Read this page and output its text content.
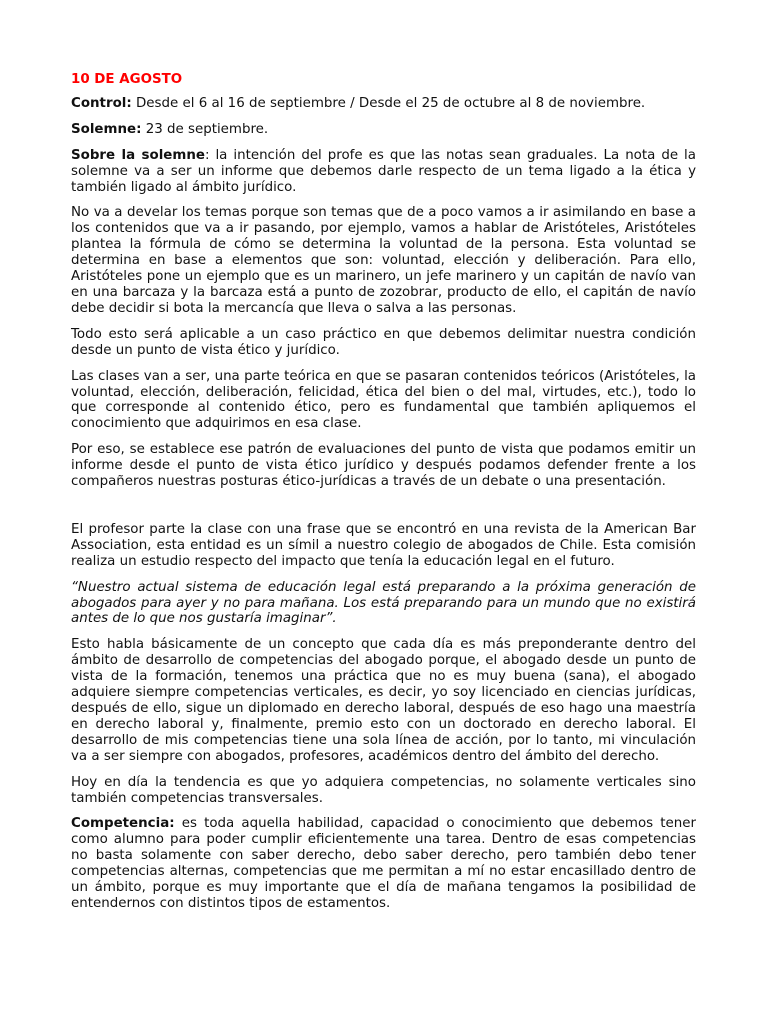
10 DE AGOSTO

Control: Desde el 6 al 16 de septiembre / Desde el 25 de octubre al 8 de noviembre.

Solemne: 23 de septiembre.

Sobre la solemne: la intención del profe es que las notas sean graduales. La nota de la solemne va a ser un informe que debemos darle respecto de un tema ligado a la ética y también ligado al ámbito jurídico.

No va a develar los temas porque son temas que de a poco vamos a ir asimilando en base a los contenidos que va a ir pasando, por ejemplo, vamos a hablar de Aristóteles, Aristóteles plantea la fórmula de cómo se determina la voluntad de la persona. Esta voluntad se determina en base a elementos que son: voluntad, elección y deliberación. Para ello, Aristóteles pone un ejemplo que es un marinero, un jefe marinero y un capitán de navío van en una barcaza y la barcaza está a punto de zozobrar, producto de ello, el capitán de navío debe decidir si bota la mercancía que lleva o salva a las personas.

Todo esto será aplicable a un caso práctico en que debemos delimitar nuestra condición desde un punto de vista ético y jurídico.

Las clases van a ser, una parte teórica en que se pasaran contenidos teóricos (Aristóteles, la voluntad, elección, deliberación, felicidad, ética del bien o del mal, virtudes, etc.), todo lo que corresponde al contenido ético, pero es fundamental que también apliquemos el conocimiento que adquirimos en esa clase.

Por eso, se establece ese patrón de evaluaciones del punto de vista que podamos emitir un informe desde el punto de vista ético jurídico y después podamos defender frente a los compañeros nuestras posturas ético-jurídicas a través de un debate o una presentación.

El profesor parte la clase con una frase que se encontró en una revista de la American Bar Association, esta entidad es un símil a nuestro colegio de abogados de Chile. Esta comisión realiza un estudio respecto del impacto que tenía la educación legal en el futuro.

“Nuestro actual sistema de educación legal está preparando a la próxima generación de abogados para ayer y no para mañana. Los está preparando para un mundo que no existirá antes de lo que nos gustaría imaginar”.

Esto habla básicamente de un concepto que cada día es más preponderante dentro del ámbito de desarrollo de competencias del abogado porque, el abogado desde un punto de vista de la formación, tenemos una práctica que no es muy buena (sana), el abogado adquiere siempre competencias verticales, es decir, yo soy licenciado en ciencias jurídicas, después de ello, sigue un diplomado en derecho laboral, después de eso hago una maestría en derecho laboral y, finalmente, premio esto con un doctorado en derecho laboral. El desarrollo de mis competencias tiene una sola línea de acción, por lo tanto, mi vinculación va a ser siempre con abogados, profesores, académicos dentro del ámbito del derecho.

Hoy en día la tendencia es que yo adquiera competencias, no solamente verticales sino también competencias transversales.

Competencia: es toda aquella habilidad, capacidad o conocimiento que debemos tener como alumno para poder cumplir eficientemente una tarea. Dentro de esas competencias no basta solamente con saber derecho, debo saber derecho, pero también debo tener competencias alternas, competencias que me permitan a mí no estar encasillado dentro de un ámbito, porque es muy importante que el día de mañana tengamos la posibilidad de entendernos con distintos tipos de estamentos.
